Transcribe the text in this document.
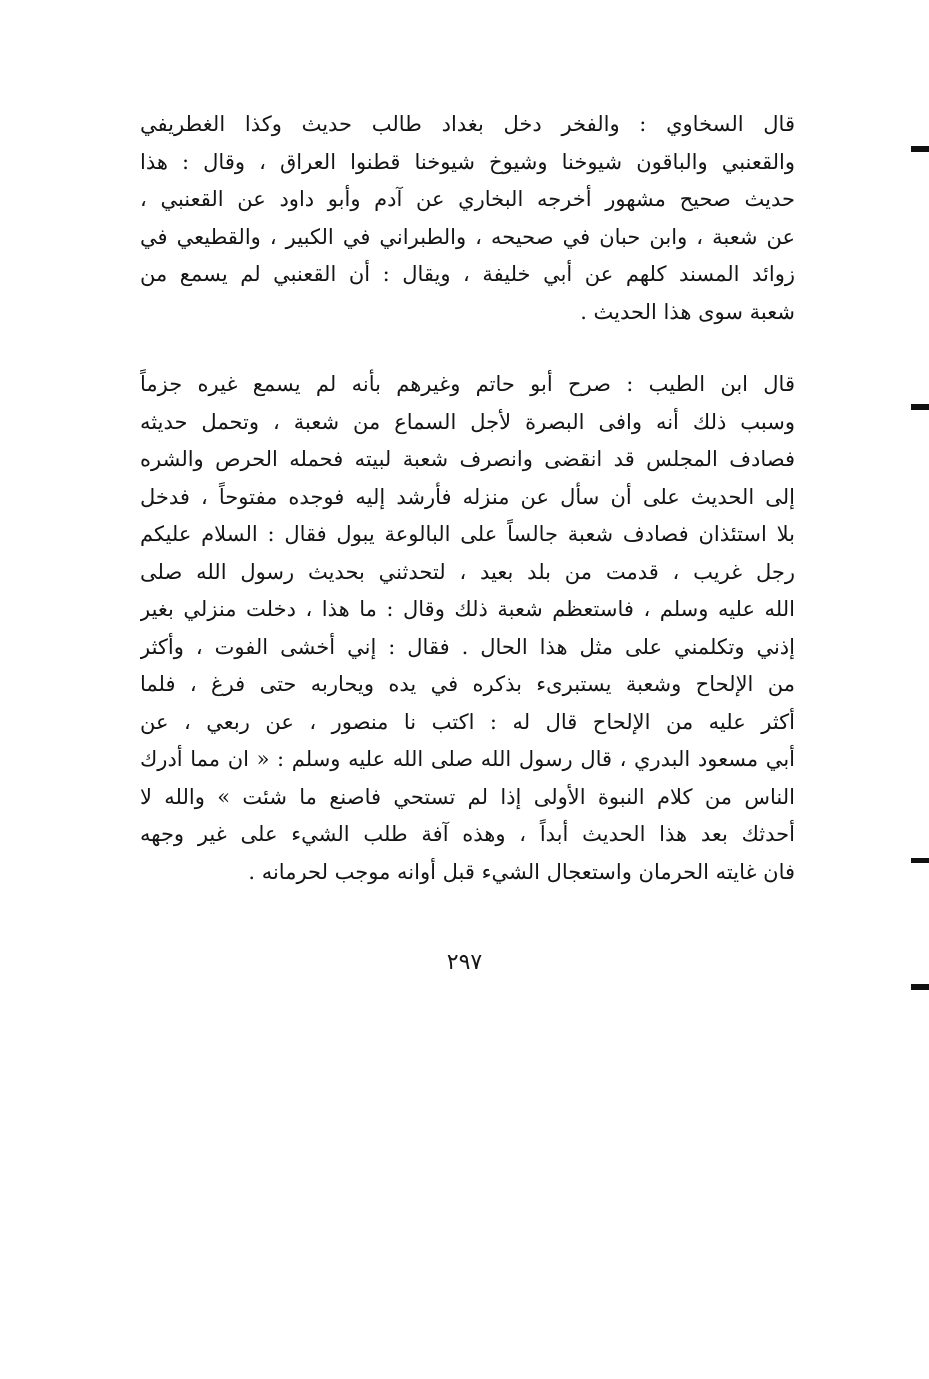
قال السخاوي : والفخر دخل بغداد طالب حديث وكذا الغطريفي
والقعنبي والباقون شيوخنا وشيوخ شيوخنا قطنوا العراق ، وقال : هذا
حديث صحيح مشهور أخرجه البخاري عن آدم وأبو داود عن القعنبي ،
عن شعبة ، وابن حبان في صحيحه ، والطبراني في الكبير ، والقطيعي في
زوائد المسند كلهم عن أبي خليفة ، ويقال : أن القعنبي لم يسمع من
شعبة سوى هذا الحديث .
قال ابن الطيب : صرح أبو حاتم وغيرهم بأنه لم يسمع غيره جزماً
وسبب ذلك أنه وافى البصرة لأجل السماع من شعبة ، وتحمل حديثه
فصادف المجلس قد انقضى وانصرف شعبة لبيته فحمله الحرص والشره
إلى الحديث على أن سأل عن منزله فأرشد إليه فوجده مفتوحاً ، فدخل
بلا استئذان فصادف شعبة جالساً على البالوعة يبول فقال : السلام عليكم
رجل غريب ، قدمت من بلد بعيد ، لتحدثني بحديث رسول الله صلى
الله عليه وسلم ، فاستعظم شعبة ذلك وقال : ما هذا ، دخلت منزلي بغير
إذني وتكلمني على مثل هذا الحال . فقال : إني أخشى الفوت ، وأكثر
من الإلحاح وشعبة يستبرىء بذكره في يده ويحاربه حتى فرغ ، فلما
أكثر عليه من الإلحاح قال له : اكتب نا منصور ، عن ربعي ، عن
أبي مسعود البدري ، قال رسول الله صلى الله عليه وسلم : « ان مما أدرك
الناس من كلام النبوة الأولى إذا لم تستحي فاصنع ما شئت » والله لا
أحدثك بعد هذا الحديث أبداً ، وهذه آفة طلب الشيء على غير وجهه
فان غايته الحرمان واستعجال الشيء قبل أوانه موجب لحرمانه .
٢٩٧
